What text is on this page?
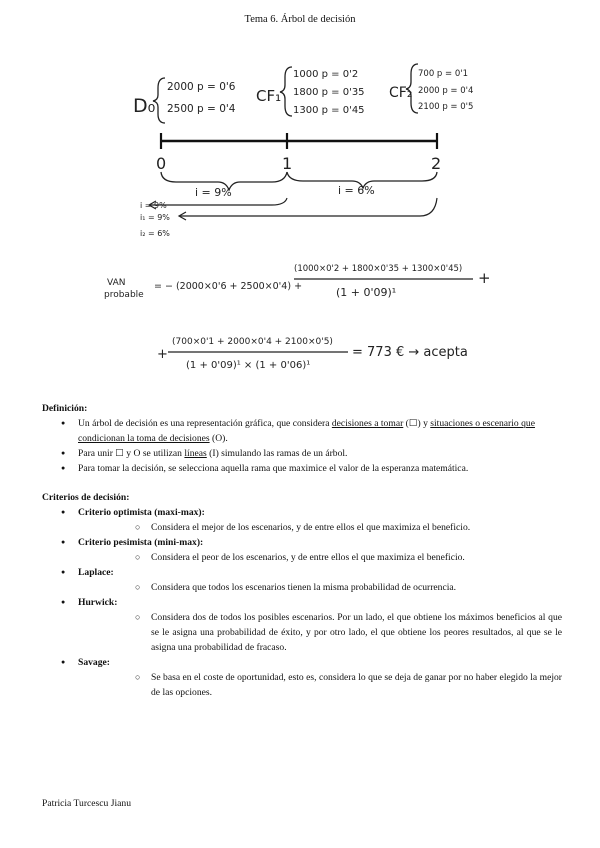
Tema 6. Árbol de decisión
D₀
2000 p = 0'6
2500 p = 0'4
CF₁
1000 p = 0'2
1800 p = 0'35
1300 p = 0'45
CF₂
700 p = 0'1
2000 p = 0'4
2100 p = 0'5
0	1	2
i = 9%	i = 6%
i = 9%
i₁ = 9%
i₂ = 6%
VAN
probable
= − (2000×0'6 + 2500×0'4) +
(1000×0'2 + 1800×0'35 + 1300×0'45)
(1 + 0'09)¹
+
+
(700×0'1 + 2000×0'4 + 2100×0'5)
(1 + 0'09)¹ × (1 + 0'06)¹
= 773 € → acepta
Definición:
● Un árbol de decisión es una representación gráfica, que considera decisiones a tomar (☐) y situaciones o escenario que condicionan la toma de decisiones (O).
● Para unir ☐ y O se utilizan líneas (I) simulando las ramas de un árbol.
● Para tomar la decisión, se selecciona aquella rama que maximice el valor de la esperanza matemática.
Criterios de decisión:
● Criterio optimista (maxi-max):
○ Considera el mejor de los escenarios, y de entre ellos el que maximiza el beneficio.
● Criterio pesimista (mini-max):
○ Considera el peor de los escenarios, y de entre ellos el que maximiza el beneficio.
● Laplace:
○ Considera que todos los escenarios tienen la misma probabilidad de ocurrencia.
● Hurwick:
○ Considera dos de todos los posibles escenarios. Por un lado, el que obtiene los máximos beneficios al que se le asigna una probabilidad de éxito, y por otro lado, el que obtiene los peores resultados, al que se le asigna una probabilidad de fracaso.
● Savage:
○ Se basa en el coste de oportunidad, esto es, considera lo que se deja de ganar por no haber elegido la mejor de las opciones.
Patricia Turcescu Jianu
